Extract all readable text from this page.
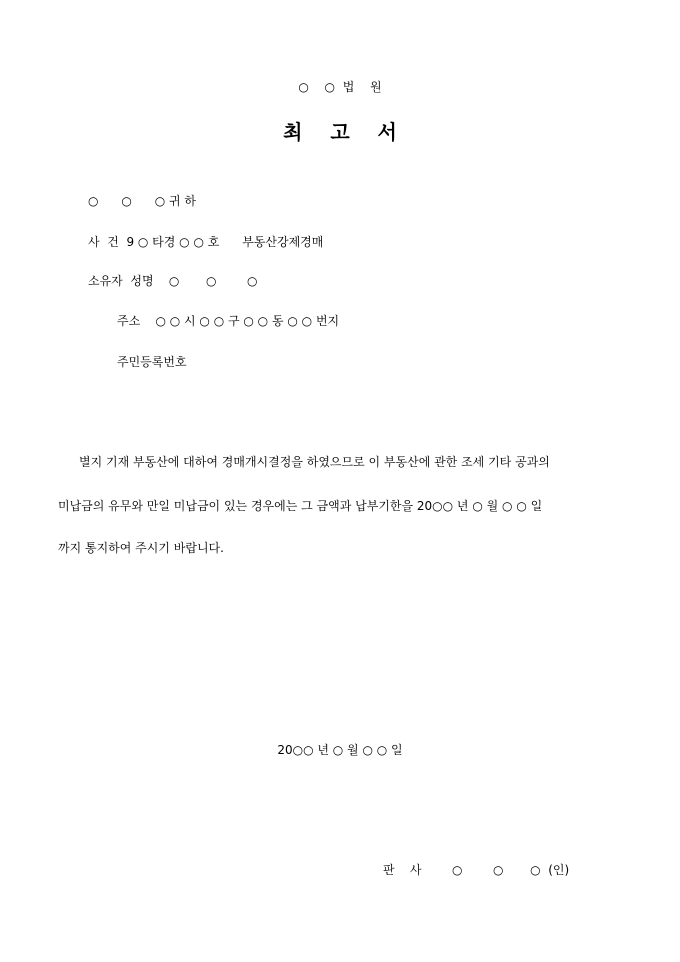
○  ○ 법  원
최    고    서
○      ○      ○ 귀 하
사  건  9 ○ 타경 ○ ○ 호      부동산강제경매
소유자  성명    ○       ○        ○
주소    ○ ○ 시 ○ ○ 구 ○ ○ 동 ○ ○ 번지
주민등록번호
별지 기재 부동산에 대하여 경매개시결정을 하였으므로 이 부동산에 관한 조세 기타 공과의
미납금의 유무와 만일 미납금이 있는 경우에는 그 금액과 납부기한을 20○○ 년 ○ 월 ○ ○ 일
까지 통지하여 주시기 바랍니다.
20○○ 년 ○ 월 ○ ○ 일
판    사        ○        ○       ○  (인)
